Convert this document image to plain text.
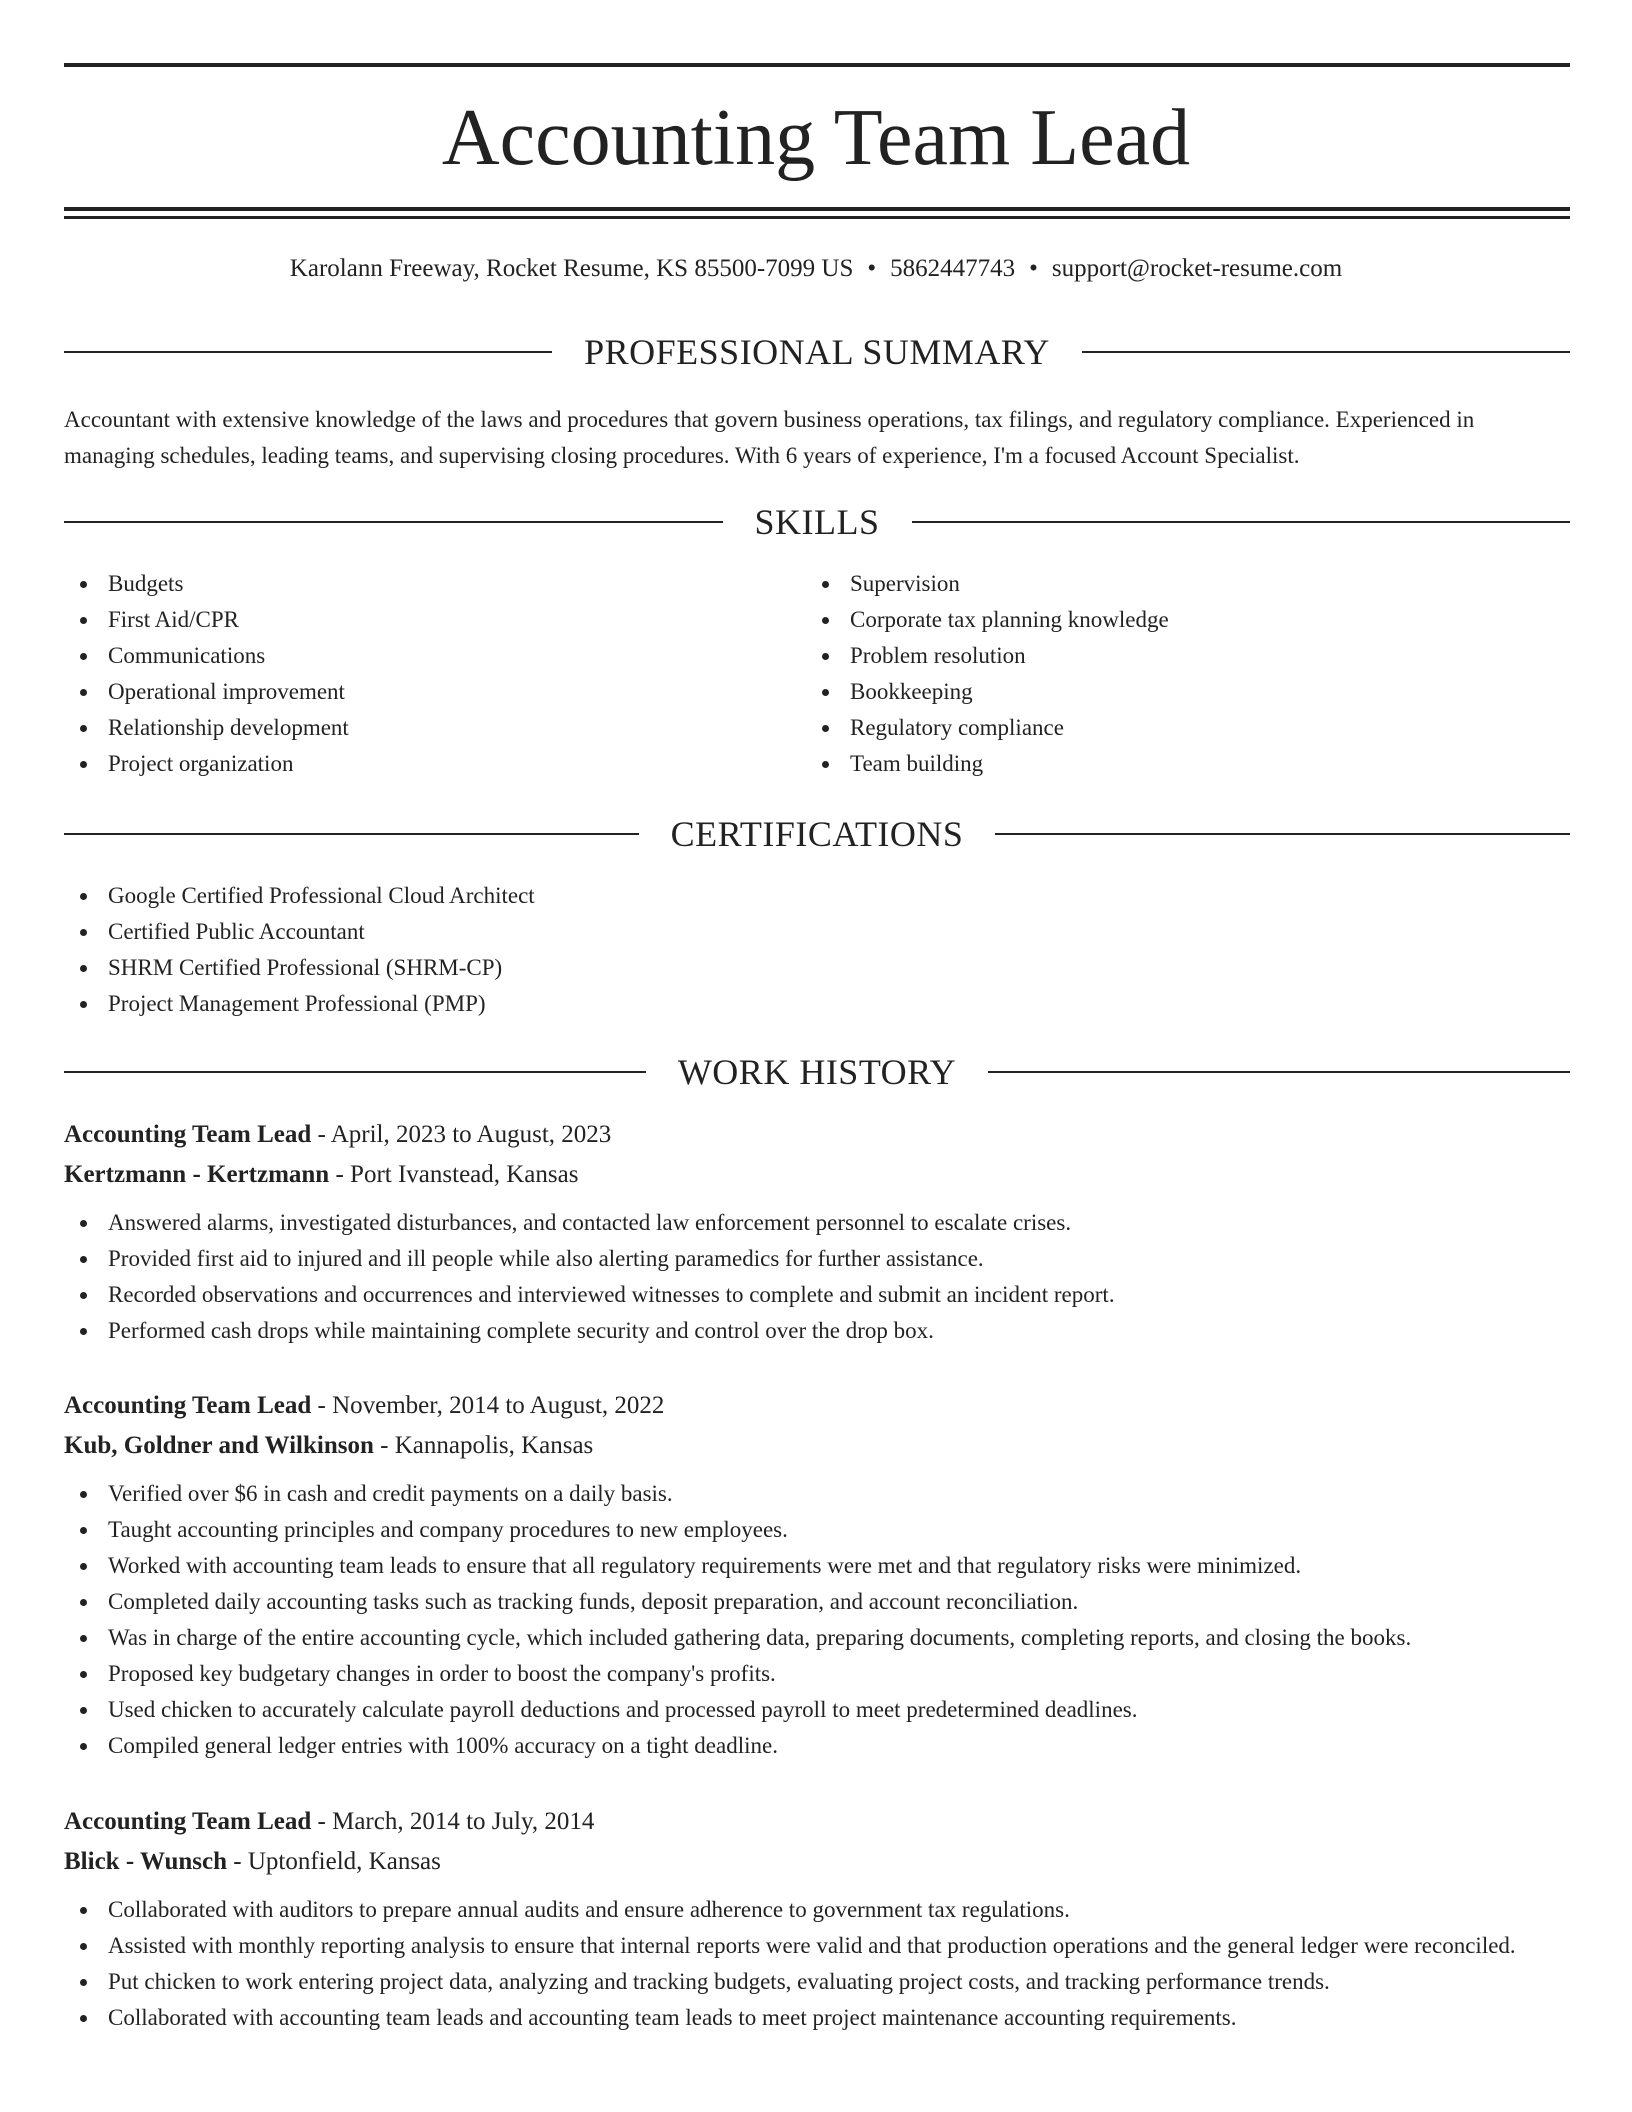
Accounting Team Lead

Karolann Freeway, Rocket Resume, KS 85500-7099 US • 5862447743 • support@rocket-resume.com

PROFESSIONAL SUMMARY

Accountant with extensive knowledge of the laws and procedures that govern business operations, tax filings, and regulatory compliance. Experienced in managing schedules, leading teams, and supervising closing procedures. With 6 years of experience, I'm a focused Account Specialist.

SKILLS
Budgets
First Aid/CPR
Communications
Operational improvement
Relationship development
Project organization
Supervision
Corporate tax planning knowledge
Problem resolution
Bookkeeping
Regulatory compliance
Team building
CERTIFICATIONS
Google Certified Professional Cloud Architect
Certified Public Accountant
SHRM Certified Professional (SHRM-CP)
Project Management Professional (PMP)
WORK HISTORY

Accounting Team Lead - April, 2023 to August, 2023

Kertzmann - Kertzmann - Port Ivanstead, Kansas

Answered alarms, investigated disturbances, and contacted law enforcement personnel to escalate crises.
Provided first aid to injured and ill people while also alerting paramedics for further assistance.
Recorded observations and occurrences and interviewed witnesses to complete and submit an incident report.
Performed cash drops while maintaining complete security and control over the drop box.

Accounting Team Lead - November, 2014 to August, 2022

Kub, Goldner and Wilkinson - Kannapolis, Kansas

Verified over $6 in cash and credit payments on a daily basis.
Taught accounting principles and company procedures to new employees.
Worked with accounting team leads to ensure that all regulatory requirements were met and that regulatory risks were minimized.
Completed daily accounting tasks such as tracking funds, deposit preparation, and account reconciliation.
Was in charge of the entire accounting cycle, which included gathering data, preparing documents, completing reports, and closing the books.
Proposed key budgetary changes in order to boost the company's profits.
Used chicken to accurately calculate payroll deductions and processed payroll to meet predetermined deadlines.
Compiled general ledger entries with 100% accuracy on a tight deadline.

Accounting Team Lead - March, 2014 to July, 2014

Blick - Wunsch - Uptonfield, Kansas

Collaborated with auditors to prepare annual audits and ensure adherence to government tax regulations.
Assisted with monthly reporting analysis to ensure that internal reports were valid and that production operations and the general ledger were reconciled.
Put chicken to work entering project data, analyzing and tracking budgets, evaluating project costs, and tracking performance trends.
Collaborated with accounting team leads and accounting team leads to meet project maintenance accounting requirements.
